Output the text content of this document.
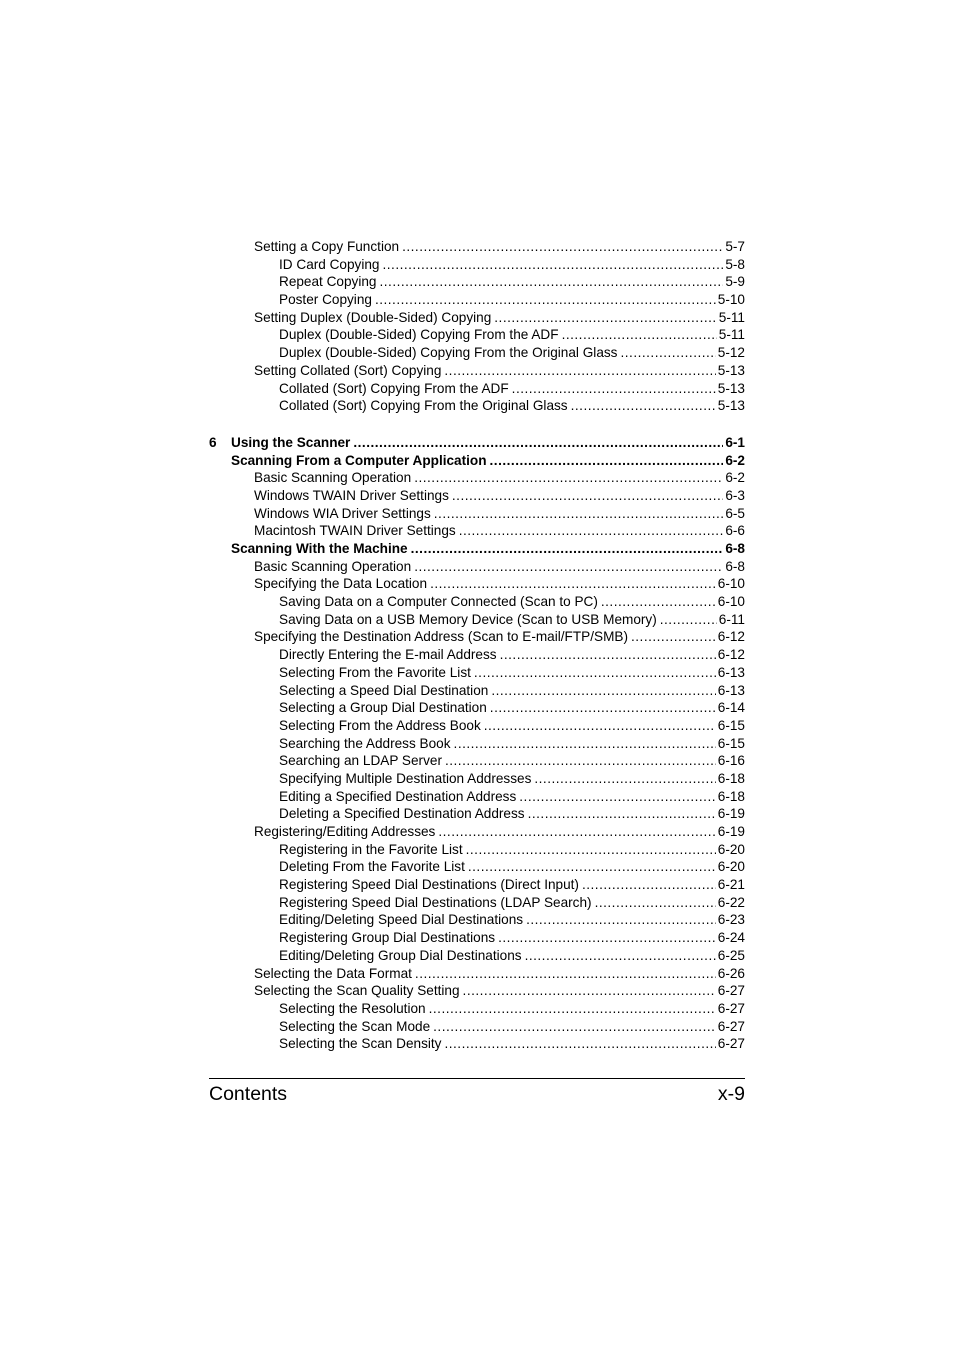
Setting a Copy Function .....	5-7
ID Card Copying .....	5-8
Repeat Copying .....	5-9
Poster Copying .....	5-10
Setting Duplex (Double-Sided) Copying .....	5-11
Duplex (Double-Sided) Copying From the ADF .....	5-11
Duplex (Double-Sided) Copying From the Original Glass .....	5-12
Setting Collated (Sort) Copying .....	5-13
Collated (Sort) Copying From the ADF .....	5-13
Collated (Sort) Copying From the Original Glass .....	5-13
6 Using the Scanner .....	6-1
Scanning From a Computer Application .....	6-2
Basic Scanning Operation .....	6-2
Windows TWAIN Driver Settings .....	6-3
Windows WIA Driver Settings .....	6-5
Macintosh TWAIN Driver Settings .....	6-6
Scanning With the Machine .....	6-8
Basic Scanning Operation .....	6-8
Specifying the Data Location .....	6-10
Saving Data on a Computer Connected (Scan to PC) .....	6-10
Saving Data on a USB Memory Device (Scan to USB Memory) .....	6-11
Specifying the Destination Address (Scan to E-mail/FTP/SMB) .....	6-12
Directly Entering the E-mail Address .....	6-12
Selecting From the Favorite List .....	6-13
Selecting a Speed Dial Destination .....	6-13
Selecting a Group Dial Destination .....	6-14
Selecting From the Address Book .....	6-15
Searching the Address Book .....	6-15
Searching an LDAP Server .....	6-16
Specifying Multiple Destination Addresses .....	6-18
Editing a Specified Destination Address .....	6-18
Deleting a Specified Destination Address .....	6-19
Registering/Editing Addresses .....	6-19
Registering in the Favorite List .....	6-20
Deleting From the Favorite List .....	6-20
Registering Speed Dial Destinations (Direct Input) .....	6-21
Registering Speed Dial Destinations (LDAP Search) .....	6-22
Editing/Deleting Speed Dial Destinations .....	6-23
Registering Group Dial Destinations .....	6-24
Editing/Deleting Group Dial Destinations .....	6-25
Selecting the Data Format .....	6-26
Selecting the Scan Quality Setting .....	6-27
Selecting the Resolution .....	6-27
Selecting the Scan Mode .....	6-27
Selecting the Scan Density .....	6-27
Contents	x-9
